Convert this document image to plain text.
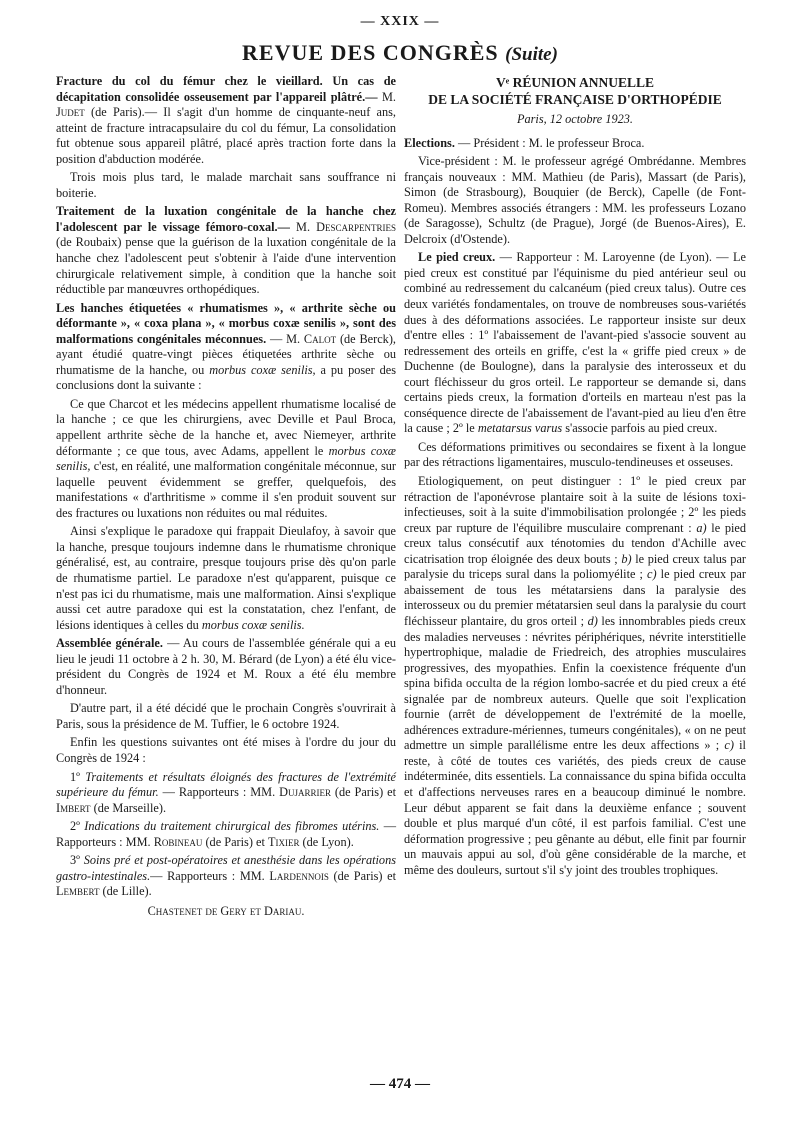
— XXIX —
REVUE DES CONGRÈS (Suite)

Fracture du col du fémur chez le vieillard. Un cas de décapitation consolidée osseusement par l'appareil plâtré.— M. Judet (de Paris).— Il s'agit d'un homme de cinquante-neuf ans, atteint de fracture intracapsulaire du col du fémur, La consolidation fut obtenue sous appareil plâtré, placé après traction forte dans la position d'abduction modérée.

Trois mois plus tard, le malade marchait sans souffrance ni boiterie.

Traitement de la luxation congénitale de la hanche chez l'adolescent par le vissage fémoro-coxal.— M. Descarpentries (de Roubaix) pense que la guérison de la luxation congénitale de la hanche chez l'adolescent peut s'obtenir à l'aide d'une intervention chirurgicale relativement simple, à condition que la hanche soit réductible par manœuvres orthopédiques.

Les hanches étiquetées « rhumatismes », « arthrite sèche ou déformante », « coxa plana », « morbus coxæ senilis », sont des malformations congénitales méconnues. — M. Calot (de Berck), ayant étudié quatre-vingt pièces étiquetées arthrite sèche ou rhumatisme de la hanche, ou morbus coxæ senilis, a pu poser des conclusions dont la suivante :

Ce que Charcot et les médecins appellent rhumatisme localisé de la hanche ; ce que les chirurgiens, avec Deville et Paul Broca, appellent arthrite sèche de la hanche et, avec Niemeyer, arthrite déformante ; ce que tous, avec Adams, appellent le morbus coxæ senilis, c'est, en réalité, une malformation congénitale méconnue, sur laquelle peuvent évidemment se greffer, quelquefois, des manifestations « d'arthritisme » comme il s'en produit souvent sur des fractures ou luxations non réduites ou mal réduites.

Ainsi s'explique le paradoxe qui frappait Dieulafoy, à savoir que la hanche, presque toujours indemne dans le rhumatisme chronique généralisé, est, au contraire, presque toujours prise dès qu'on parle de rhumatisme partiel. Le paradoxe n'est qu'apparent, puisque ce n'est pas ici du rhumatisme, mais une malformation. Ainsi s'explique aussi cet autre paradoxe qui est la constatation, chez l'enfant, de lésions identiques à celles du morbus coxæ senilis.

Assemblée générale. — Au cours de l'assemblée générale qui a eu lieu le jeudi 11 octobre à 2 h. 30, M. Bérard (de Lyon) a été élu vice-président du Congrès de 1924 et M. Roux a été élu membre d'honneur.

D'autre part, il a été décidé que le prochain Congrès s'ouvrirait à Paris, sous la présidence de M. Tuffier, le 6 octobre 1924.

Enfin les questions suivantes ont été mises à l'ordre du jour du Congrès de 1924 :

1º Traitements et résultats éloignés des fractures de l'extrémité supérieure du fémur. — Rapporteurs : MM. Dujarrier (de Paris) et Imbert (de Marseille).

2º Indications du traitement chirurgical des fibromes utérins. — Rapporteurs : MM. Robineau (de Paris) et Tixier (de Lyon).

3º Soins pré et post-opératoires et anesthésie dans les opérations gastro-intestinales.— Rapporteurs : MM. Lardennois (de Paris) et Lembert (de Lille).

Chastenet de Gery et Dariau.
Vᵉ RÉUNION ANNUELLE
DE LA SOCIÉTÉ FRANÇAISE D'ORTHOPÉDIE
Paris, 12 octobre 1923.

Elections. — Président : M. le professeur Broca.

Vice-président : M. le professeur agrégé Ombrédanne. Membres français nouveaux : MM. Mathieu (de Paris), Massart (de Paris), Simon (de Strasbourg), Bouquier (de Berck), Capelle (de Font-Romeu). Membres associés étrangers : MM. les professeurs Lozano (de Saragosse), Schultz (de Prague), Jorgé (de Buenos-Aires), E. Delcroix (d'Ostende).

Le pied creux. — Rapporteur : M. Laroyenne (de Lyon). — Le pied creux est constitué par l'équinisme du pied antérieur seul ou combiné au redressement du calcanéum (pied creux talus). Outre ces deux variétés fondamentales, on trouve de nombreuses sous-variétés dues à des déformations associées. Le rapporteur insiste sur deux d'entre elles : 1º l'abaissement de l'avant-pied s'associe souvent au redressement des orteils en griffe, c'est la « griffe pied creux » de Duchenne (de Boulogne), dans la paralysie des interosseux et du court fléchisseur du gros orteil. Le rapporteur se demande si, dans certains pieds creux, la formation d'orteils en marteau n'est pas la conséquence directe de l'abaissement de l'avant-pied au lieu d'en être la cause ; 2º le metatarsus varus s'associe parfois au pied creux.

Ces déformations primitives ou secondaires se fixent à la longue par des rétractions ligamentaires, musculo-tendineuses et osseuses.

Etiologiquement, on peut distinguer : 1º le pied creux par rétraction de l'aponévrose plantaire soit à la suite de lésions toxi-infectieuses, soit à la suite d'immobilisation prolongée ; 2º les pieds creux par rupture de l'équilibre musculaire comprenant : a) le pied creux talus consécutif aux ténotomies du tendon d'Achille avec cicatrisation trop éloignée des deux bouts ; b) le pied creux talus par paralysie du triceps sural dans la poliomyélite ; c) le pied creux par abaissement de tous les métatarsiens dans la paralysie des interosseux ou du premier métatarsien seul dans la paralysie du court fléchisseur plantaire, du gros orteil ; d) les innombrables pieds creux des maladies nerveuses : névrites périphériques, névrite interstitielle hypertrophique, maladie de Friedreich, des atrophies musculaires progressives, des myopathies. Enfin la coexistence fréquente d'un spina bifida occulta de la région lombo-sacrée et du pied creux a été signalée par de nombreux auteurs. Quelle que soit l'explication fournie (arrêt de développement de l'extrémité de la moelle, adhérences extradure-mériennes, tumeurs congénitales), « on ne peut admettre un simple parallélisme entre les deux affections » ; c) il reste, à côté de toutes ces variétés, des pieds creux de cause indéterminée, dits essentiels. La connaissance du spina bifida occulta et d'affections nerveuses rares en a beaucoup diminué le nombre. Leur début apparent se fait dans la deuxième enfance ; souvent double et plus marqué d'un côté, il est parfois familial. C'est une déformation progressive ; peu gênante au début, elle finit par fournir un mauvais appui au sol, d'où gêne considérable de la marche, et même des douleurs, surtout s'il s'y joint des troubles trophiques.

— 474 —
